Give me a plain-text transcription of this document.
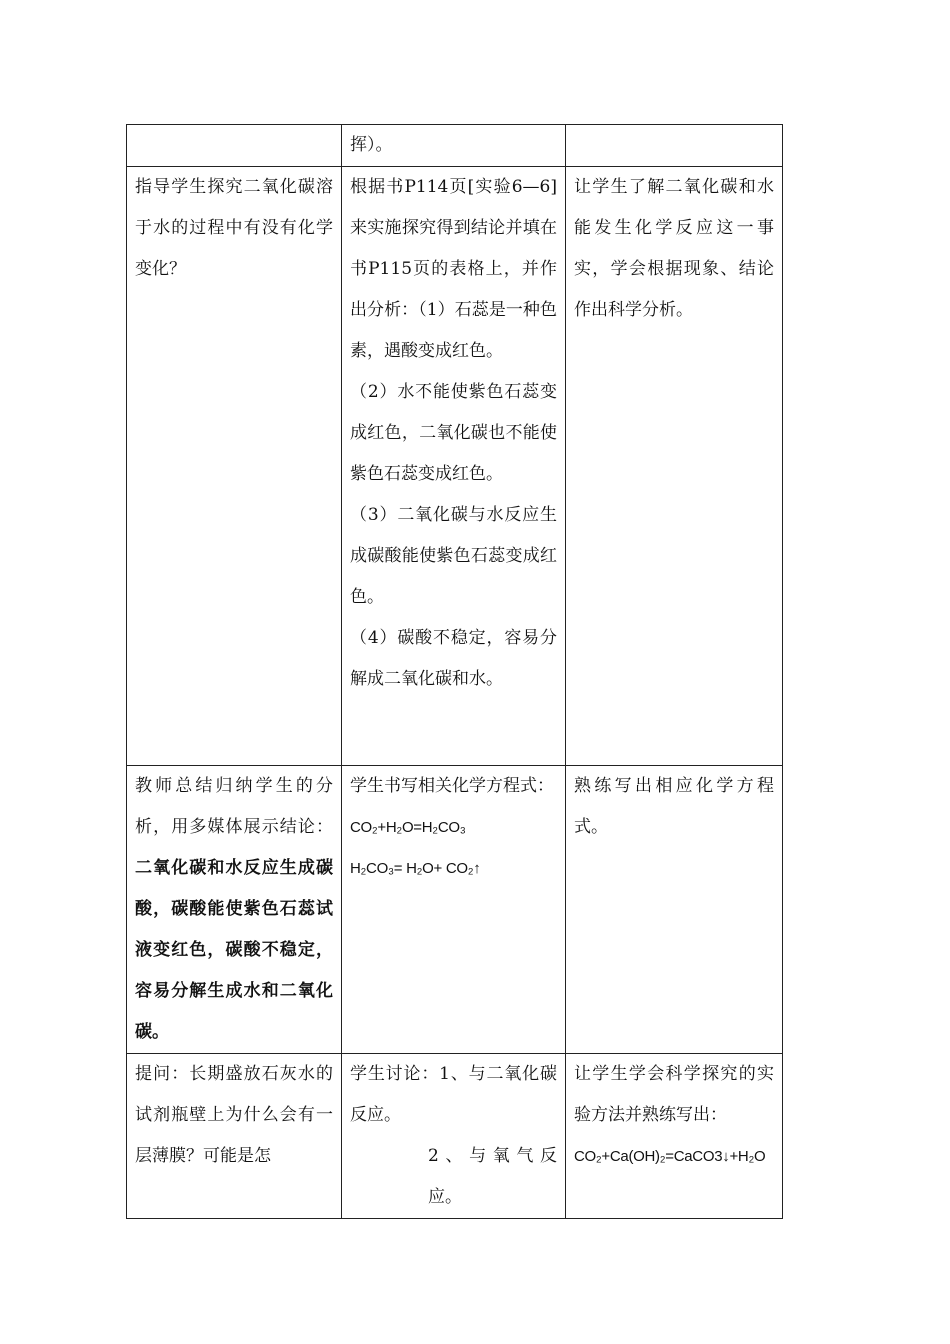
	挥）。	
指导学生探究二氧化碳溶于水的过程中有没有化学变化？	根据书P114页[实验6—6]来实施探究得到结论并填在书P115页的表格上，并作出分析：（1）石蕊是一种色素，遇酸变成红色。
（2）水不能使紫色石蕊变成红色，二氧化碳也不能使紫色石蕊变成红色。
（3）二氧化碳与水反应生成碳酸能使紫色石蕊变成红色。
（4）碳酸不稳定，容易分解成二氧化碳和水。	让学生了解二氧化碳和水能发生化学反应这一事实，学会根据现象、结论作出科学分析。
教师总结归纳学生的分析，用多媒体展示结论：二氧化碳和水反应生成碳酸，碳酸能使紫色石蕊试液变红色，碳酸不稳定，容易分解生成水和二氧化碳。	学生书写相关化学方程式：
CO₂+H₂O=H₂CO₃
H₂CO₃= H₂O+ CO₂↑	熟练写出相应化学方程式。
提问：长期盛放石灰水的试剂瓶壁上为什么会有一层薄膜？可能是怎	学生讨论：1、与二氧化碳反应。
2、与氧气反应。	让学生学会科学探究的实验方法并熟练写出：
CO₂+Ca(OH)₂=CaCO3↓+H₂O
